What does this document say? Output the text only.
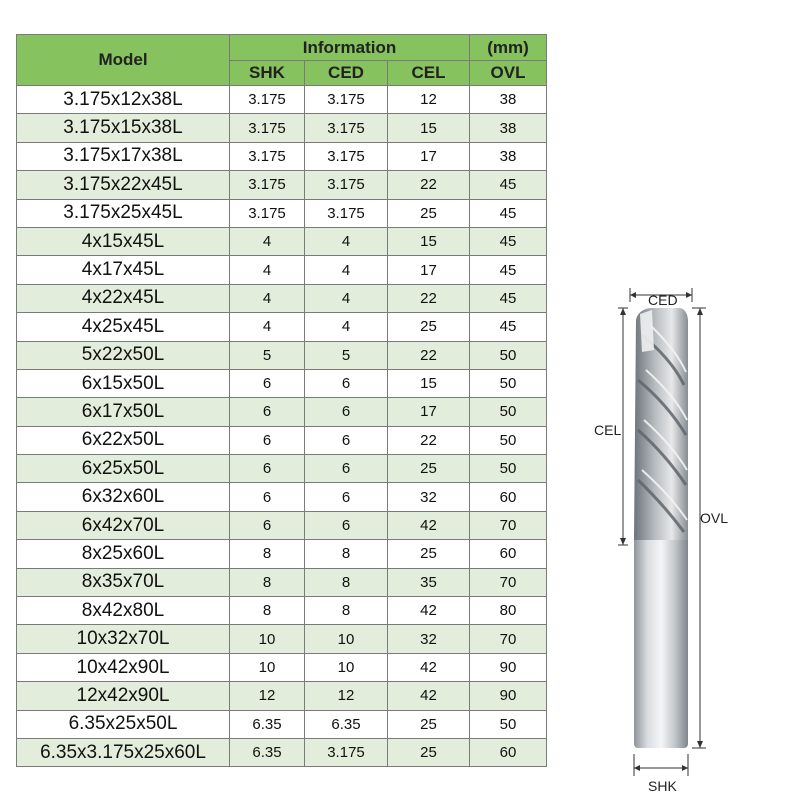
Model	Information			(mm)
	SHK	CED	CEL	OVL
3.175x12x38L	3.175	3.175	12	38
3.175x15x38L	3.175	3.175	15	38
3.175x17x38L	3.175	3.175	17	38
3.175x22x45L	3.175	3.175	22	45
3.175x25x45L	3.175	3.175	25	45
4x15x45L	4	4	15	45
4x17x45L	4	4	17	45
4x22x45L	4	4	22	45
4x25x45L	4	4	25	45
5x22x50L	5	5	22	50
6x15x50L	6	6	15	50
6x17x50L	6	6	17	50
6x22x50L	6	6	22	50
6x25x50L	6	6	25	50
6x32x60L	6	6	32	60
6x42x70L	6	6	42	70
8x25x60L	8	8	25	60
8x35x70L	8	8	35	70
8x42x80L	8	8	42	80
10x32x70L	10	10	32	70
10x42x90L	10	10	42	90
12x42x90L	12	12	42	90
6.35x25x50L	6.35	6.35	25	50
6.35x3.175x25x60L	6.35	3.175	25	60
CED
CEL
OVL
SHK
